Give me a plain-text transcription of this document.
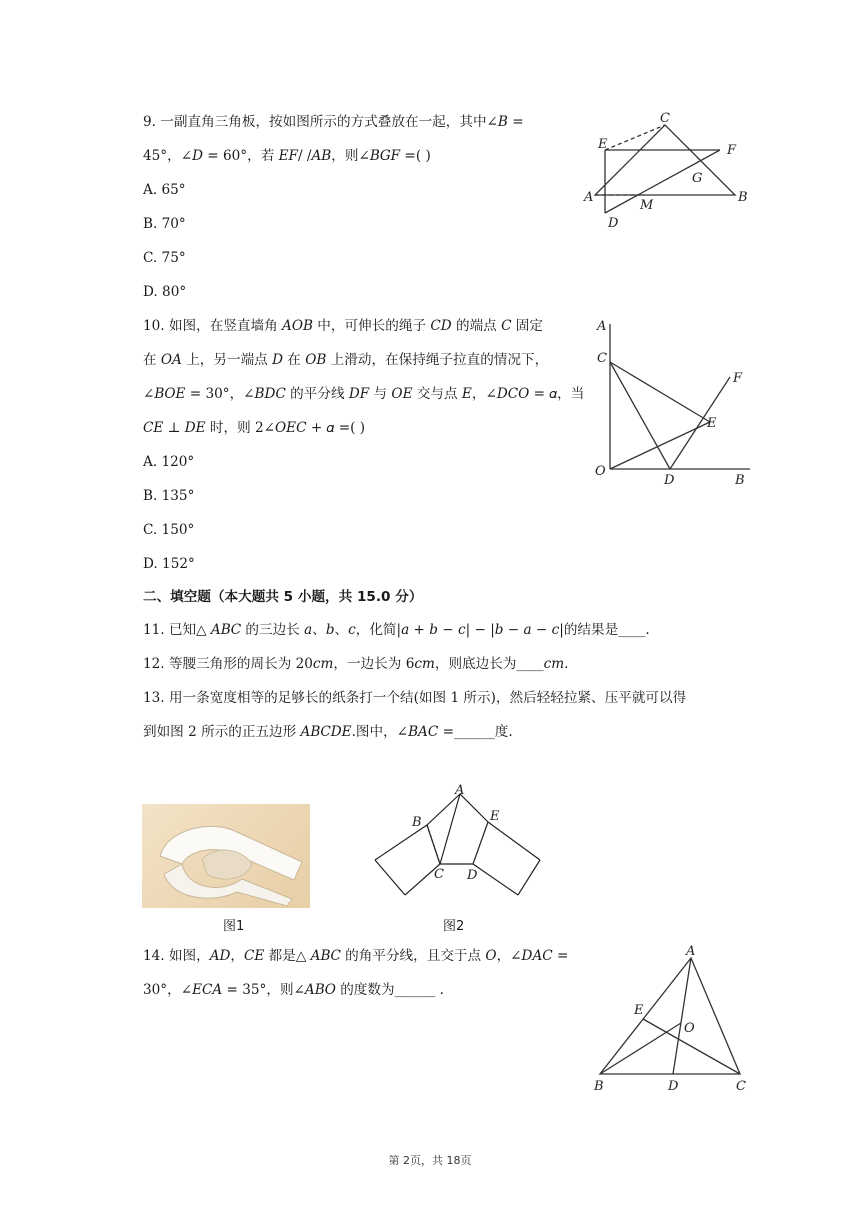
9. 一副直角三角板，按如图所示的方式叠放在一起，其中∠𝐵 =
45°，∠𝐷 = 60°，若 𝐸𝐹/ /𝐴𝐵，则∠𝐵𝐺𝐹 =( )
A. 65°
B. 70°
C. 75°
D. 80°
C
E	F
G
A
M
B
D
10. 如图，在竖直墙角 𝐴𝑂𝐵 中，可伸长的绳子 𝐶𝐷 的端点 𝐶 固定
在 𝑂𝐴 上，另一端点 𝐷 在 𝑂𝐵 上滑动，在保持绳子拉直的情况下，
∠𝐵𝑂𝐸 = 30°，∠𝐵𝐷𝐶 的平分线 𝐷𝐹 与 𝑂𝐸 交与点 𝐸，∠𝐷𝐶𝑂 = 𝛼，当
𝐶𝐸 ⊥ 𝐷𝐸 时，则 2∠𝑂𝐸𝐶 + 𝛼 =( )
A. 120°
B. 135°
C. 150°
D. 152°
A
C
F
E
O
D	B
二、填空题（本大题共 5 小题，共 15.0 分）
11. 已知△ 𝐴𝐵𝐶 的三边长 𝑎、𝑏、𝑐，化简|𝑎 + 𝑏 − 𝑐| − |𝑏 − 𝑎 − 𝑐|的结果是____.
12. 等腰三角形的周长为 20𝑐𝑚，一边长为 6𝑐𝑚，则底边长为____𝑐𝑚.
13. 用一条宽度相等的足够长的纸条打一个结(如图 1 所示)，然后轻轻拉紧、压平就可以得
到如图 2 所示的正五边形 𝐴𝐵𝐶𝐷𝐸.图中，∠𝐵𝐴𝐶 =______度.
图1
A
B	E
C D
图2
14. 如图，𝐴𝐷，𝐶𝐸 都是△ 𝐴𝐵𝐶 的角平分线，且交于点 𝑂，∠𝐷𝐴𝐶 =
30°，∠𝐸𝐶𝐴 = 35°，则∠𝐴𝐵𝑂 的度数为______ .
A
E
O
B	D	C
第 2页，共 18页
